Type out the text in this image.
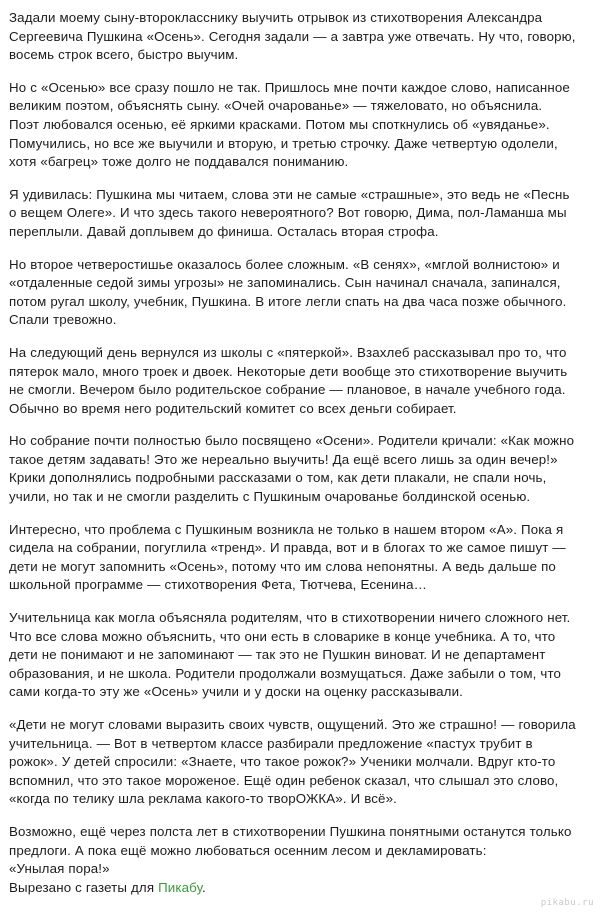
Задали моему сыну-второкласснику выучить отрывок из стихотворения Александра Сергеевича Пушкина «Осень». Сегодня задали — а завтра уже отвечать. Ну что, говорю, восемь строк всего, быстро выучим.

Но с «Осенью» все сразу пошло не так. Пришлось мне почти каждое слово, написанное великим поэтом, объяснять сыну. «Очей очарованье» — тяжеловато, но объяснила. Поэт любовался осенью, её яркими красками. Потом мы споткнулись об «увяданье». Помучились, но все же выучили и вторую, и третью строчку. Даже четвертую одолели, хотя «багрец» тоже долго не поддавался пониманию.

Я удивилась: Пушкина мы читаем, слова эти не самые «страшные», это ведь не «Песнь о вещем Олеге». И что здесь такого невероятного? Вот говорю, Дима, пол-Ламанша мы переплыли. Давай доплывем до финиша. Осталась вторая строфа.

Но второе четверостишье оказалось более сложным. «В сенях», «мглой волнистою» и «отдаленные седой зимы угрозы» не запоминались. Сын начинал сначала, запинался, потом ругал школу, учебник, Пушкина. В итоге легли спать на два часа позже обычного. Спали тревожно.

На следующий день вернулся из школы с «пятеркой». Взахлеб рассказывал про то, что пятерок мало, много троек и двоек. Некоторые дети вообще это стихотворение выучить не смогли. Вечером было родительское собрание — плановое, в начале учебного года. Обычно во время него родительский комитет со всех деньги собирает.

Но собрание почти полностью было посвящено «Осени». Родители кричали: «Как можно такое детям задавать! Это же нереально выучить! Да ещё всего лишь за один вечер!» Крики дополнялись подробными рассказами о том, как дети плакали, не спали ночь, учили, но так и не смогли разделить с Пушкиным очарованье болдинской осенью.

Интересно, что проблема с Пушкиным возникла не только в нашем втором «А». Пока я сидела на собрании, погуглила «тренд». И правда, вот и в блогах то же самое пишут — дети не могут запомнить «Осень», потому что им слова непонятны. А ведь дальше по школьной программе — стихотворения Фета, Тютчева, Есенина…

Учительница как могла объясняла родителям, что в стихотворении ничего сложного нет. Что все слова можно объяснить, что они есть в словарике в конце учебника. А то, что дети не понимают и не запоминают — так это не Пушкин виноват. И не департамент образования, и не школа. Родители продолжали возмущаться. Даже забыли о том, что сами когда-то эту же «Осень» учили и у доски на оценку рассказывали.

«Дети не могут словами выразить своих чувств, ощущений. Это же страшно! — говорила учительница. — Вот в четвертом классе разбирали предложение «пастух трубит в рожок». У детей спросили: «Знаете, что такое рожок?» Ученики молчали. Вдруг кто-то вспомнил, что это такое мороженое. Ещё один ребенок сказал, что слышал это слово, «когда по телику шла реклама какого-то творОЖКА». И всё».

Возможно, ещё через полста лет в стихотворении Пушкина понятными останутся только предлоги. А пока ещё можно любоваться осенним лесом и декламировать:
«Унылая пора!»
Вырезано с газеты для Пикабу.

pikabu.ru
